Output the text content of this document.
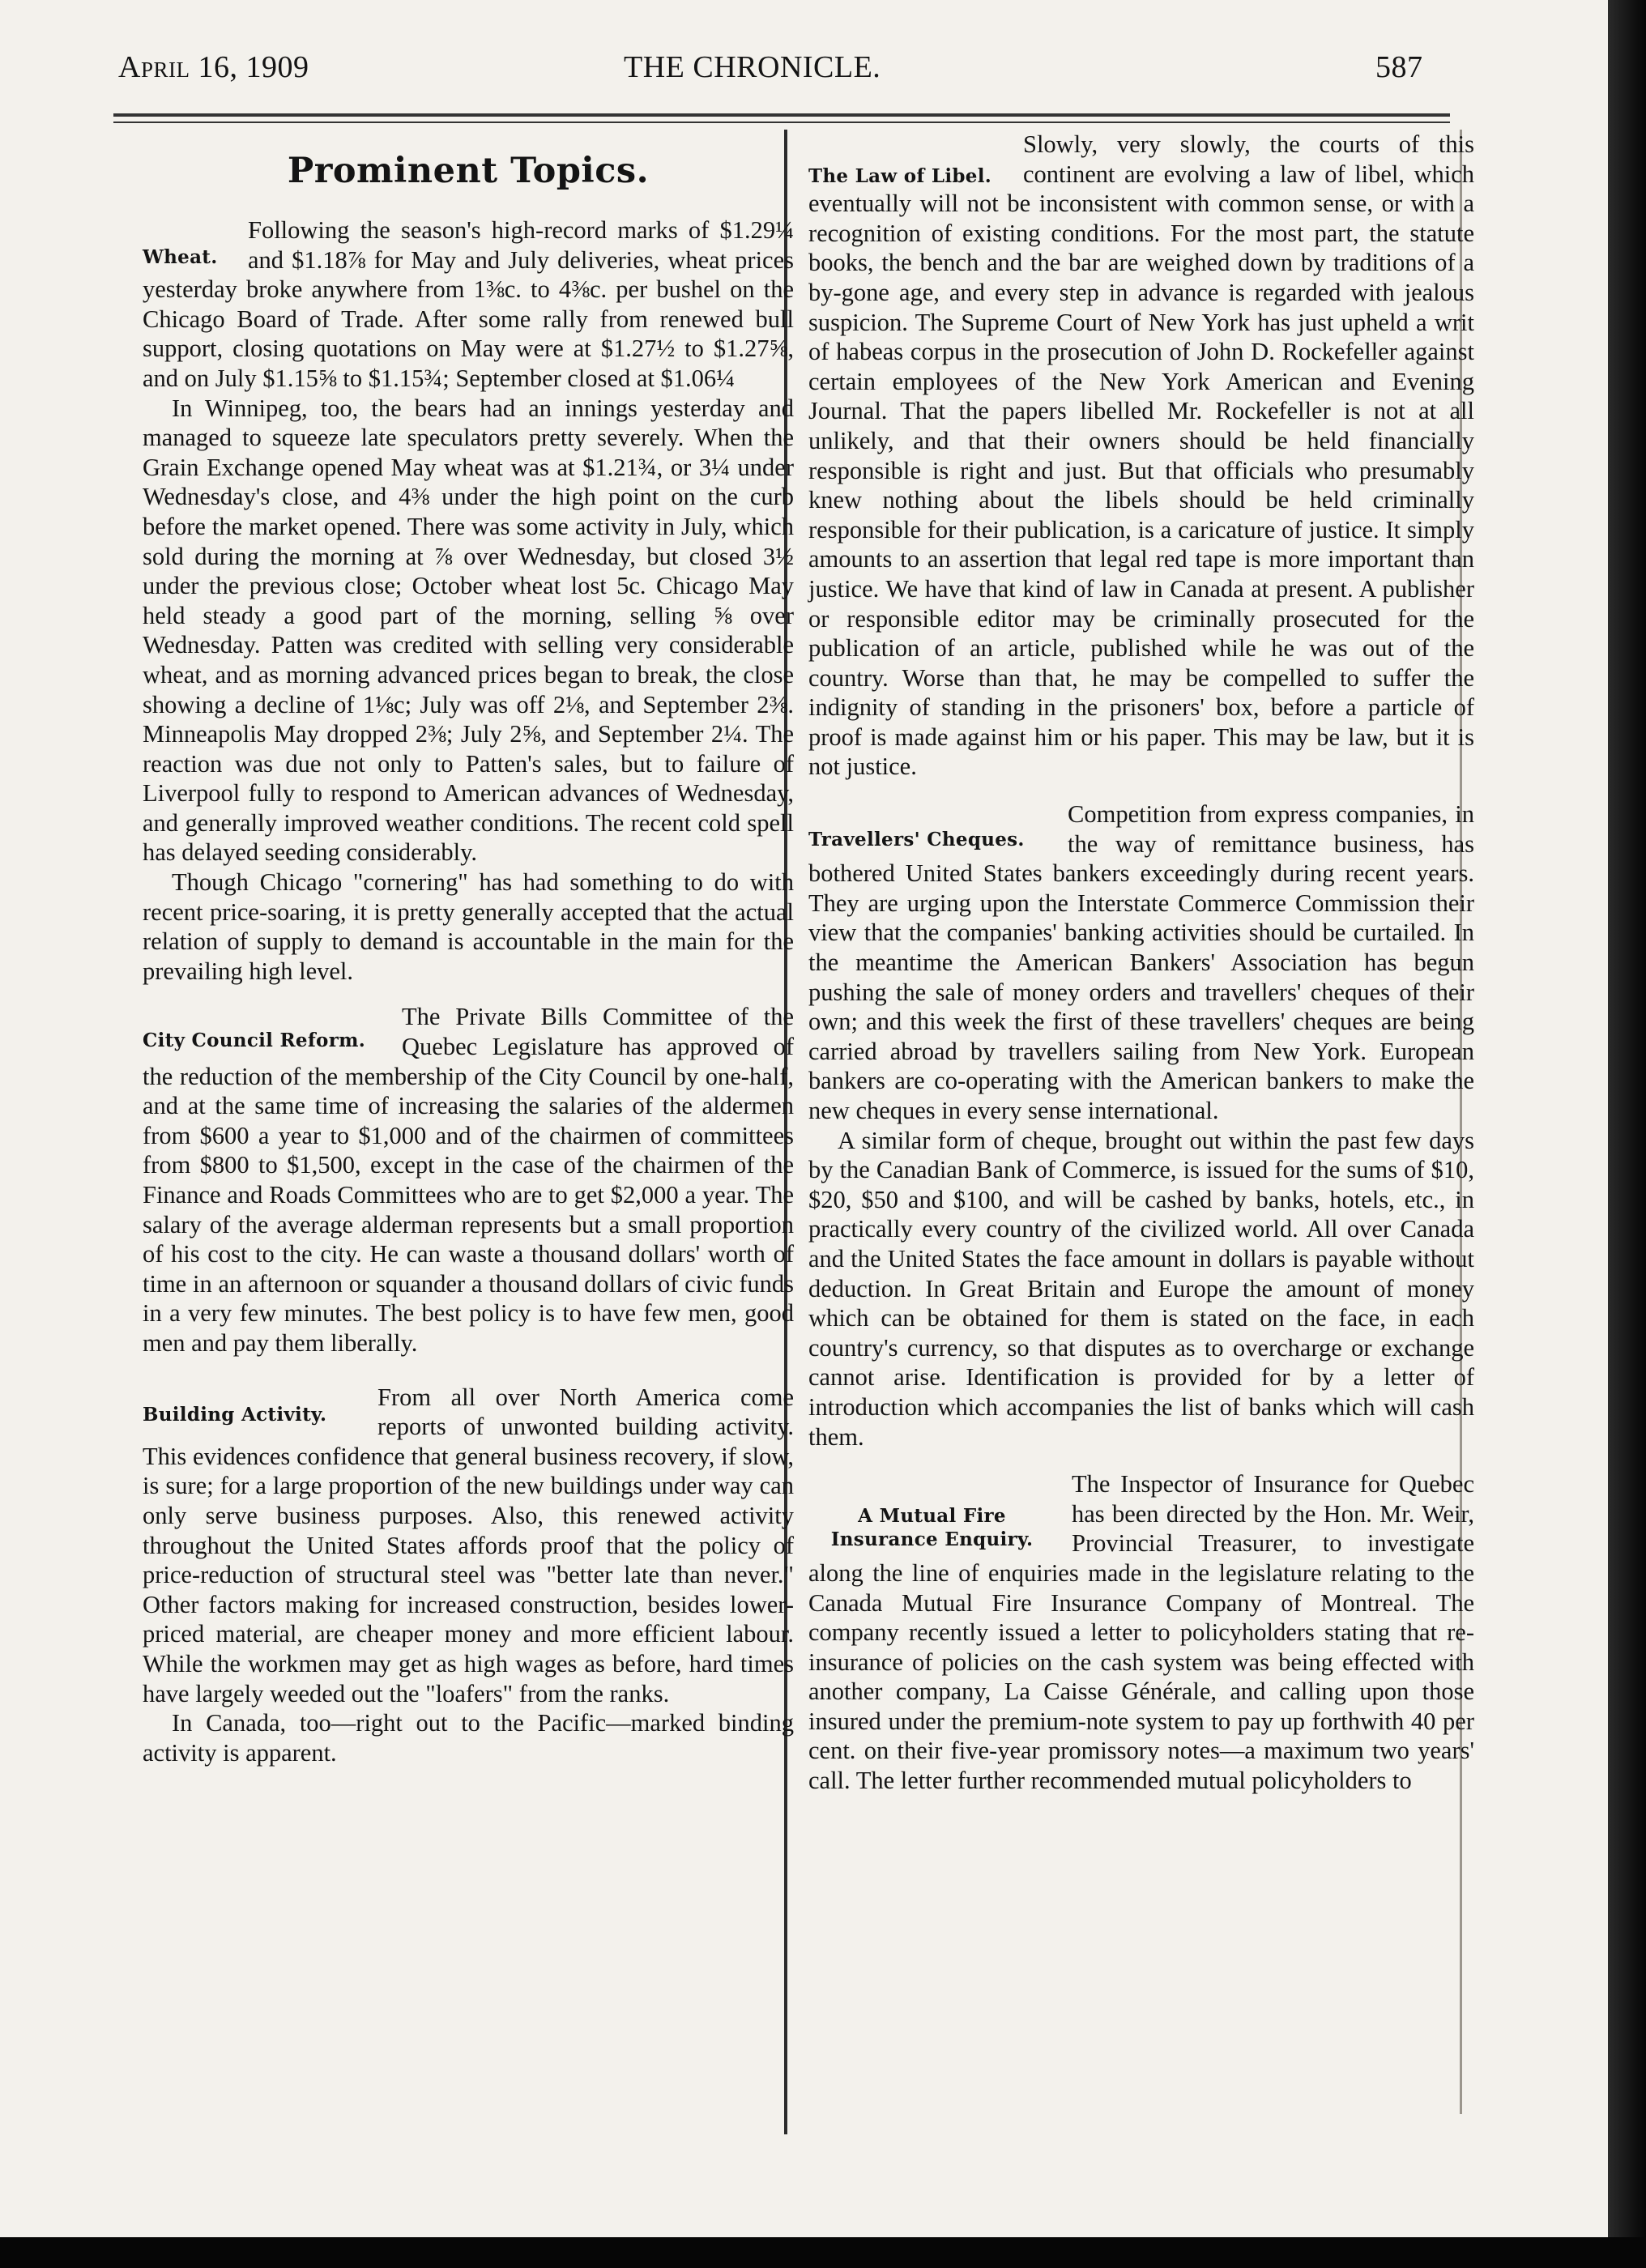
April 16, 1909	THE CHRONICLE.	587
Prominent Topics.
Wheat.

Following the season's high-record marks of $1.29¼ and $1.18⅞ for May and July deliveries, wheat prices yesterday broke anywhere from 1⅜c. to 4⅜c. per bushel on the Chicago Board of Trade. After some rally from renewed bull support, closing quotations on May were at $1.27½ to $1.27⅝, and on July $1.15⅝ to $1.15¾; September closed at $1.06¼

In Winnipeg, too, the bears had an innings yesterday and managed to squeeze late speculators pretty severely. When the Grain Exchange opened May wheat was at $1.21¾, or 3¼ under Wednesday's close, and 4⅜ under the high point on the curb before the market opened. There was some activity in July, which sold during the morning at ⅞ over Wednesday, but closed 3½ under the previous close; October wheat lost 5c. Chicago May held steady a good part of the morning, selling ⅝ over Wednesday. Patten was credited with selling very considerable wheat, and as morning advanced prices began to break, the close showing a decline of 1⅛c; July was off 2⅛, and September 2⅜. Minneapolis May dropped 2⅜; July 2⅝, and September 2¼. The reaction was due not only to Patten's sales, but to failure of Liverpool fully to respond to American advances of Wednesday, and generally improved weather conditions. The recent cold spell has delayed seeding considerably.

Though Chicago "cornering" has had something to do with recent price-soaring, it is pretty generally accepted that the actual relation of supply to demand is accountable in the main for the prevailing high level.

City Council Reform.

The Private Bills Committee of the Quebec Legislature has approved of the reduction of the membership of the City Council by one-half, and at the same time of increasing the salaries of the aldermen from $600 a year to $1,000 and of the chairmen of committees from $800 to $1,500, except in the case of the chairmen of the Finance and Roads Committees who are to get $2,000 a year. The salary of the average alderman represents but a small proportion of his cost to the city. He can waste a thousand dollars' worth of time in an afternoon or squander a thousand dollars of civic funds in a very few minutes. The best policy is to have few men, good men and pay them liberally.

Building Activity.

From all over North America come reports of unwonted building activity. This evidences confidence that general business recovery, if slow, is sure; for a large proportion of the new buildings under way can only serve business purposes. Also, this renewed activity throughout the United States affords proof that the policy of price-reduction of structural steel was "better late than never." Other factors making for increased construction, besides lower-priced material, are cheaper money and more efficient labour. While the workmen may get as high wages as before, hard times have largely weeded out the "loafers" from the ranks.

In Canada, too—right out to the Pacific—marked binding activity is apparent.

The Law of Libel.

Slowly, very slowly, the courts of this continent are evolving a law of libel, which eventually will not be inconsistent with common sense, or with a recognition of existing conditions. For the most part, the statute books, the bench and the bar are weighed down by traditions of a by-gone age, and every step in advance is regarded with jealous suspicion. The Supreme Court of New York has just upheld a writ of habeas corpus in the prosecution of John D. Rockefeller against certain employees of the New York American and Evening Journal. That the papers libelled Mr. Rockefeller is not at all unlikely, and that their owners should be held financially responsible is right and just. But that officials who presumably knew nothing about the libels should be held criminally responsible for their publication, is a caricature of justice. It simply amounts to an assertion that legal red tape is more important than justice. We have that kind of law in Canada at present. A publisher or responsible editor may be criminally prosecuted for the publication of an article, published while he was out of the country. Worse than that, he may be compelled to suffer the indignity of standing in the prisoners' box, before a particle of proof is made against him or his paper. This may be law, but it is not justice.

Travellers' Cheques.

Competition from express companies, in the way of remittance business, has bothered United States bankers exceedingly during recent years. They are urging upon the Interstate Commerce Commission their view that the companies' banking activities should be curtailed. In the meantime the American Bankers' Association has begun pushing the sale of money orders and travellers' cheques of their own; and this week the first of these travellers' cheques are being carried abroad by travellers sailing from New York. European bankers are co-operating with the American bankers to make the new cheques in every sense international.

A similar form of cheque, brought out within the past few days by the Canadian Bank of Commerce, is issued for the sums of $10, $20, $50 and $100, and will be cashed by banks, hotels, etc., in practically every country of the civilized world. All over Canada and the United States the face amount in dollars is payable without deduction. In Great Britain and Europe the amount of money which can be obtained for them is stated on the face, in each country's currency, so that disputes as to overcharge or exchange cannot arise. Identification is provided for by a letter of introduction which accompanies the list of banks which will cash them.

A Mutual Fire
Insurance Enquiry.

The Inspector of Insurance for Quebec has been directed by the Hon. Mr. Weir, Provincial Treasurer, to investigate along the line of enquiries made in the legislature relating to the Canada Mutual Fire Insurance Company of Montreal. The company recently issued a letter to policyholders stating that re-insurance of policies on the cash system was being effected with another company, La Caisse Générale, and calling upon those insured under the premium-note system to pay up forthwith 40 per cent. on their five-year promissory notes—a maximum two years' call. The letter further recommended mutual policyholders to
